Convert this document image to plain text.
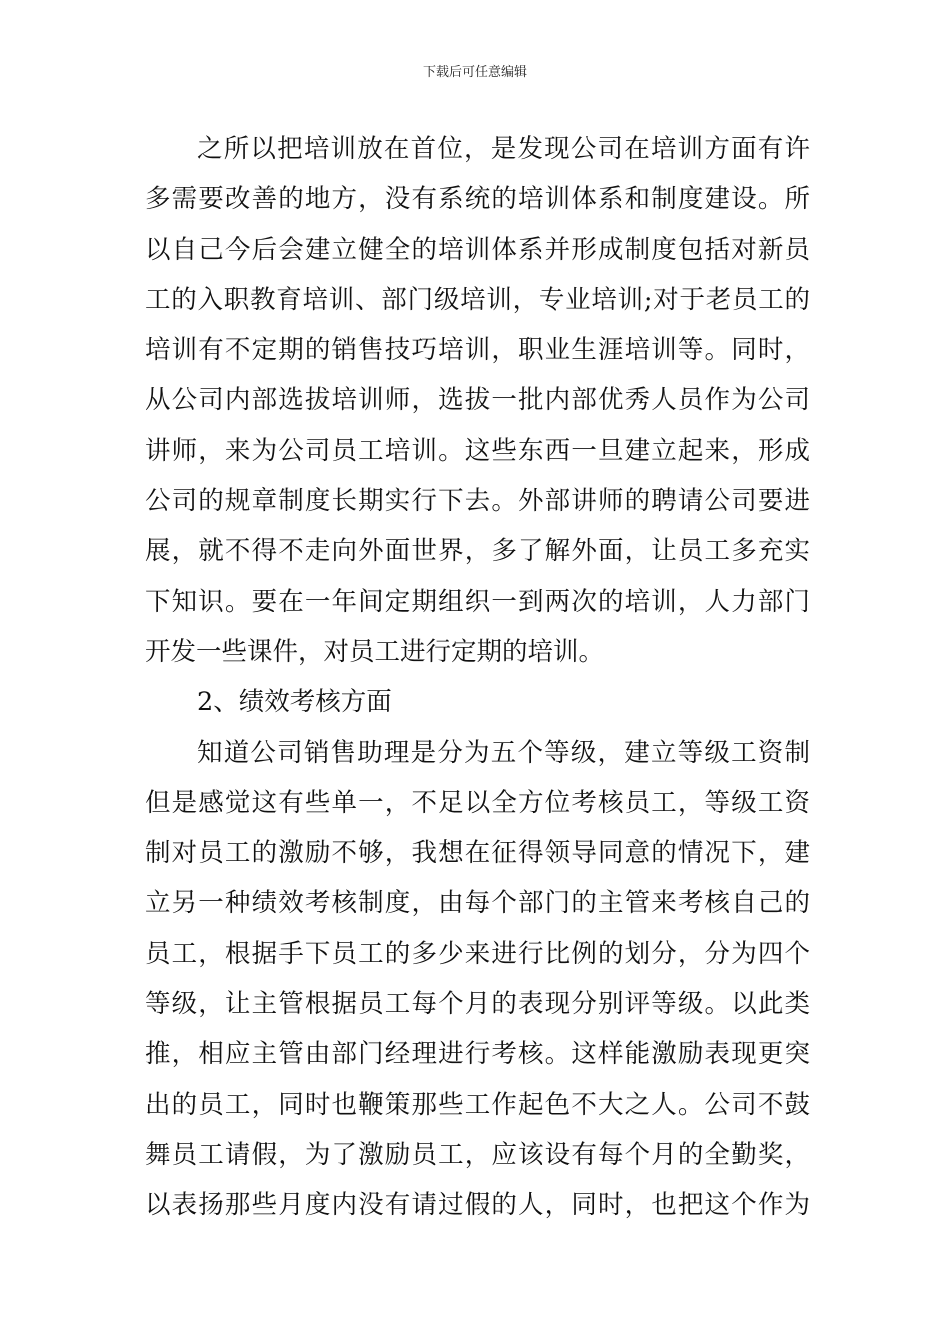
下载后可任意编辑
之所以把培训放在首位，是发现公司在培训方面有许
多需要改善的地方，没有系统的培训体系和制度建设。所
以自己今后会建立健全的培训体系并形成制度包括对新员
工的入职教育培训、部门级培训，专业培训;对于老员工的
培训有不定期的销售技巧培训，职业生涯培训等。同时，
从公司内部选拔培训师，选拔一批内部优秀人员作为公司
讲师，来为公司员工培训。这些东西一旦建立起来，形成
公司的规章制度长期实行下去。外部讲师的聘请公司要进
展，就不得不走向外面世界，多了解外面，让员工多充实
下知识。要在一年间定期组织一到两次的培训，人力部门
开发一些课件，对员工进行定期的培训。
2、绩效考核方面
知道公司销售助理是分为五个等级，建立等级工资制
但是感觉这有些单一，不足以全方位考核员工，等级工资
制对员工的激励不够，我想在征得领导同意的情况下，建
立另一种绩效考核制度，由每个部门的主管来考核自己的
员工，根据手下员工的多少来进行比例的划分，分为四个
等级，让主管根据员工每个月的表现分别评等级。以此类
推，相应主管由部门经理进行考核。这样能激励表现更突
出的员工，同时也鞭策那些工作起色不大之人。公司不鼓
舞员工请假，为了激励员工，应该设有每个月的全勤奖，
以表扬那些月度内没有请过假的人，同时，也把这个作为
